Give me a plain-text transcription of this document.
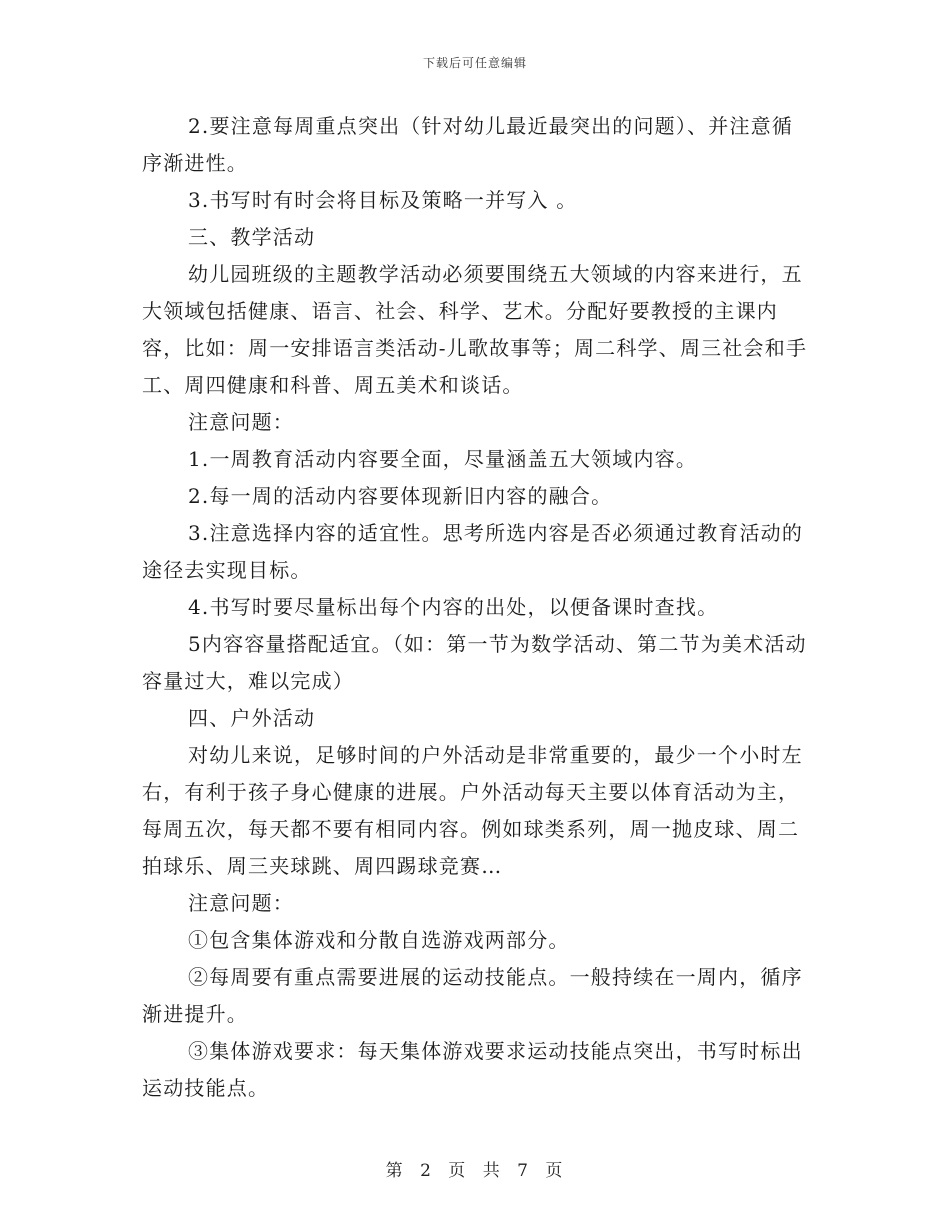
下载后可任意编辑

2.要注意每周重点突出（针对幼儿最近最突出的问题）、并注意循序渐进性。

3.书写时有时会将目标及策略一并写入 。

三、教学活动

幼儿园班级的主题教学活动必须要围绕五大领域的内容来进行，五大领域包括健康、语言、社会、科学、艺术。分配好要教授的主课内容，比如：周一安排语言类活动-儿歌故事等；周二科学、周三社会和手工、周四健康和科普、周五美术和谈话。

注意问题：

1.一周教育活动内容要全面，尽量涵盖五大领域内容。

2.每一周的活动内容要体现新旧内容的融合。

3.注意选择内容的适宜性。思考所选内容是否必须通过教育活动的途径去实现目标。

4.书写时要尽量标出每个内容的出处，以便备课时查找。

5内容容量搭配适宜。（如：第一节为数学活动、第二节为美术活动容量过大，难以完成）

四、户外活动

对幼儿来说，足够时间的户外活动是非常重要的，最少一个小时左右，有利于孩子身心健康的进展。户外活动每天主要以体育活动为主，每周五次，每天都不要有相同内容。例如球类系列，周一抛皮球、周二拍球乐、周三夹球跳、周四踢球竞赛…

注意问题：

①包含集体游戏和分散自选游戏两部分。

②每周要有重点需要进展的运动技能点。一般持续在一周内，循序渐进提升。

③集体游戏要求：每天集体游戏要求运动技能点突出，书写时标出运动技能点。

第 2 页 共 7 页
